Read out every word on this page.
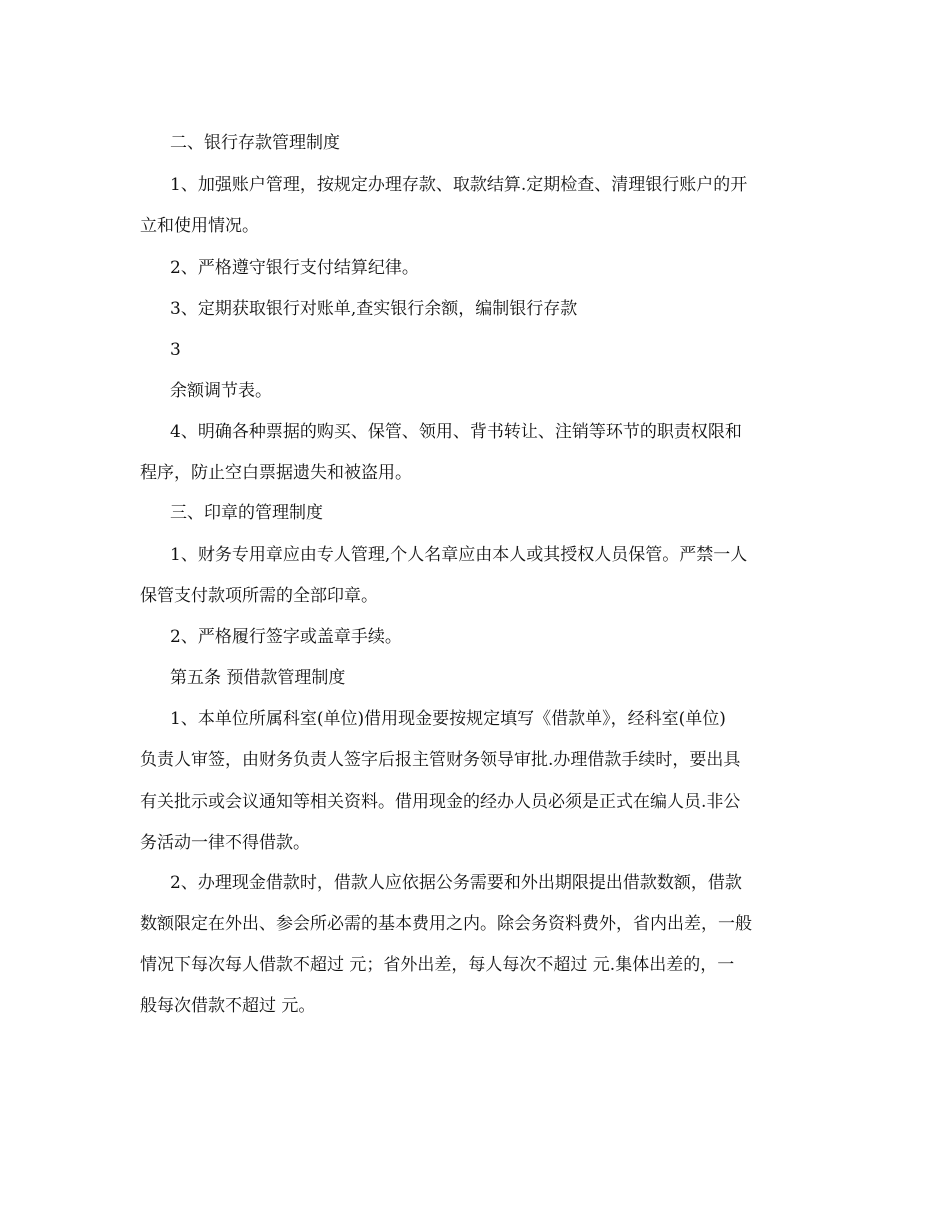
二、银行存款管理制度
1、加强账户管理，按规定办理存款、取款结算.定期检查、清理银行账户的开
立和使用情况。
2、严格遵守银行支付结算纪律。
3、定期获取银行对账单,查实银行余额，编制银行存款
3
余额调节表。
4、明确各种票据的购买、保管、领用、背书转让、注销等环节的职责权限和
程序，防止空白票据遗失和被盗用。
三、印章的管理制度
1、财务专用章应由专人管理,个人名章应由本人或其授权人员保管。严禁一人
保管支付款项所需的全部印章。
2、严格履行签字或盖章手续。
第五条 预借款管理制度
1、本单位所属科室(单位)借用现金要按规定填写《借款单》，经科室(单位)
负责人审签，由财务负责人签字后报主管财务领导审批.办理借款手续时，要出具
有关批示或会议通知等相关资料。借用现金的经办人员必须是正式在编人员.非公
务活动一律不得借款。
2、办理现金借款时，借款人应依据公务需要和外出期限提出借款数额，借款
数额限定在外出、参会所必需的基本费用之内。除会务资料费外，省内出差，一般
情况下每次每人借款不超过 元；省外出差，每人每次不超过 元.集体出差的，一
般每次借款不超过 元。
